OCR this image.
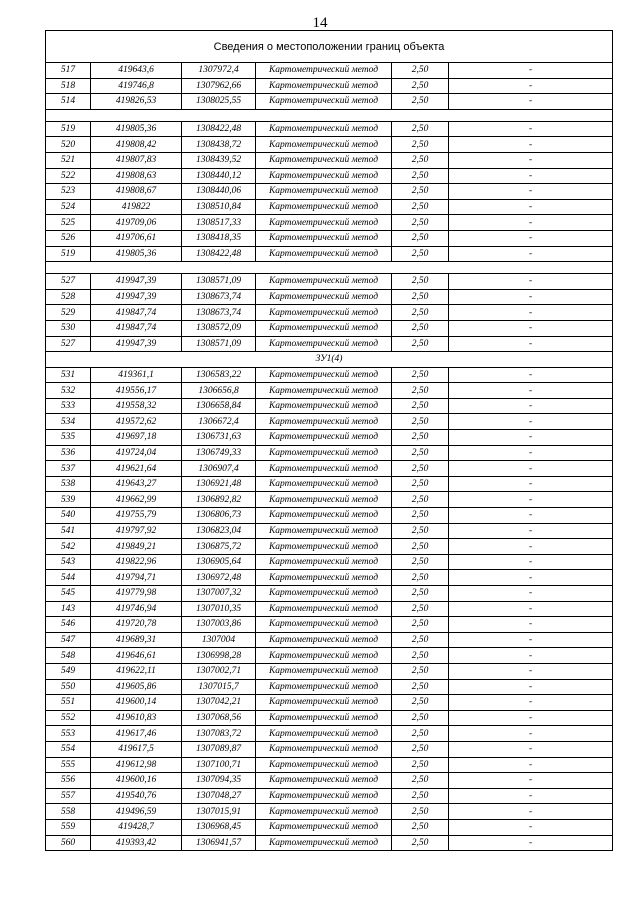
14
Сведения о местоположении границ объекта					
517	419643,6	1307972,4	Картометрический метод	2,50	-
518	419746,8	1307962,66	Картометрический метод	2,50	-
514	419826,53	1308025,55	Картометрический метод	2,50	-

519	419805,36	1308422,48	Картометрический метод	2,50	-
520	419808,42	1308438,72	Картометрический метод	2,50	-
521	419807,83	1308439,52	Картометрический метод	2,50	-
522	419808,63	1308440,12	Картометрический метод	2,50	-
523	419808,67	1308440,06	Картометрический метод	2,50	-
524	419822	1308510,84	Картометрический метод	2,50	-
525	419709,06	1308517,33	Картометрический метод	2,50	-
526	419706,61	1308418,35	Картометрический метод	2,50	-
519	419805,36	1308422,48	Картометрический метод	2,50	-

527	419947,39	1308571,09	Картометрический метод	2,50	-
528	419947,39	1308673,74	Картометрический метод	2,50	-
529	419847,74	1308673,74	Картометрический метод	2,50	-
530	419847,74	1308572,09	Картометрический метод	2,50	-
527	419947,39	1308571,09	Картометрический метод	2,50	-
ЗУ1(4)					
531	419361,1	1306583,22	Картометрический метод	2,50	-
532	419556,17	1306656,8	Картометрический метод	2,50	-
533	419558,32	1306658,84	Картометрический метод	2,50	-
534	419572,62	1306672,4	Картометрический метод	2,50	-
535	419697,18	1306731,63	Картометрический метод	2,50	-
536	419724,04	1306749,33	Картометрический метод	2,50	-
537	419621,64	1306907,4	Картометрический метод	2,50	-
538	419643,27	1306921,48	Картометрический метод	2,50	-
539	419662,99	1306892,82	Картометрический метод	2,50	-
540	419755,79	1306806,73	Картометрический метод	2,50	-
541	419797,92	1306823,04	Картометрический метод	2,50	-
542	419849,21	1306875,72	Картометрический метод	2,50	-
543	419822,96	1306905,64	Картометрический метод	2,50	-
544	419794,71	1306972,48	Картометрический метод	2,50	-
545	419779,98	1307007,32	Картометрический метод	2,50	-
143	419746,94	1307010,35	Картометрический метод	2,50	-
546	419720,78	1307003,86	Картометрический метод	2,50	-
547	419689,31	1307004	Картометрический метод	2,50	-
548	419646,61	1306998,28	Картометрический метод	2,50	-
549	419622,11	1307002,71	Картометрический метод	2,50	-
550	419605,86	1307015,7	Картометрический метод	2,50	-
551	419600,14	1307042,21	Картометрический метод	2,50	-
552	419610,83	1307068,56	Картометрический метод	2,50	-
553	419617,46	1307083,72	Картометрический метод	2,50	-
554	419617,5	1307089,87	Картометрический метод	2,50	-
555	419612,98	1307100,71	Картометрический метод	2,50	-
556	419600,16	1307094,35	Картометрический метод	2,50	-
557	419540,76	1307048,27	Картометрический метод	2,50	-
558	419496,59	1307015,91	Картометрический метод	2,50	-
559	419428,7	1306968,45	Картометрический метод	2,50	-
560	419393,42	1306941,57	Картометрический метод	2,50	-
